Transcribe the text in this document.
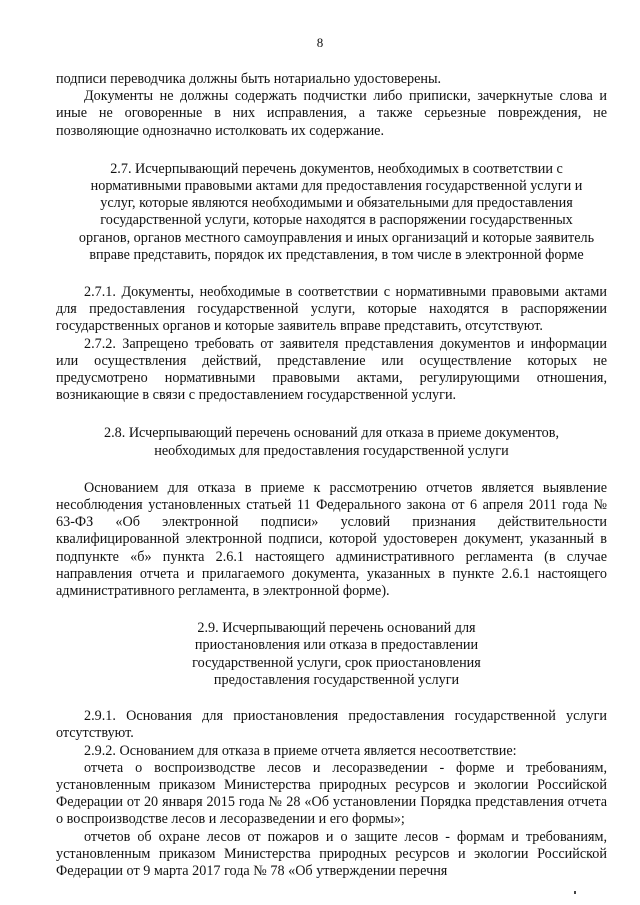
8

подписи переводчика должны быть нотариально удостоверены.

Документы не должны содержать подчистки либо приписки, зачеркнутые слова и иные не оговоренные в них исправления, а также серьезные повреждения, не позволяющие однозначно истолковать их содержание.

2.7. Исчерпывающий перечень документов, необходимых в соответствии с нормативными правовыми актами для предоставления государственной услуги и услуг, которые являются необходимыми и обязательными для предоставления государственной услуги, которые находятся в распоряжении государственных органов, органов местного самоуправления и иных организаций и которые заявитель вправе представить, порядок их представления, в том числе в электронной форме

2.7.1. Документы, необходимые в соответствии с нормативными правовыми актами для предоставления государственной услуги, которые находятся в распоряжении государственных органов и которые заявитель вправе представить, отсутствуют.

2.7.2. Запрещено требовать от заявителя представления документов и информации или осуществления действий, представление или осуществление которых не предусмотрено нормативными правовыми актами, регулирующими отношения, возникающие в связи с предоставлением государственной услуги.

2.8. Исчерпывающий перечень оснований для отказа в приеме документов, необходимых для предоставления государственной услуги

Основанием для отказа в приеме к рассмотрению отчетов является выявление несоблюдения установленных статьей 11 Федерального закона от 6 апреля 2011 года № 63-ФЗ «Об электронной подписи» условий признания действительности квалифицированной электронной подписи, которой удостоверен документ, указанный в подпункте «б» пункта 2.6.1 настоящего административного регламента (в случае направления отчета и прилагаемого документа, указанных в пункте 2.6.1 настоящего административного регламента, в электронной форме).

2.9. Исчерпывающий перечень оснований для приостановления или отказа в предоставлении государственной услуги, срок приостановления предоставления государственной услуги

2.9.1. Основания для приостановления предоставления государственной услуги отсутствуют.

2.9.2. Основанием для отказа в приеме отчета является несоответствие:

отчета о воспроизводстве лесов и лесоразведении - форме и требованиям, установленным приказом Министерства природных ресурсов и экологии Российской Федерации от 20 января 2015 года № 28 «Об установлении Порядка представления отчета о воспроизводстве лесов и лесоразведении и его формы»;

отчетов об охране лесов от пожаров и о защите лесов - формам и требованиям, установленным приказом Министерства природных ресурсов и экологии Российской Федерации от 9 марта 2017 года № 78 «Об утверждении перечня
